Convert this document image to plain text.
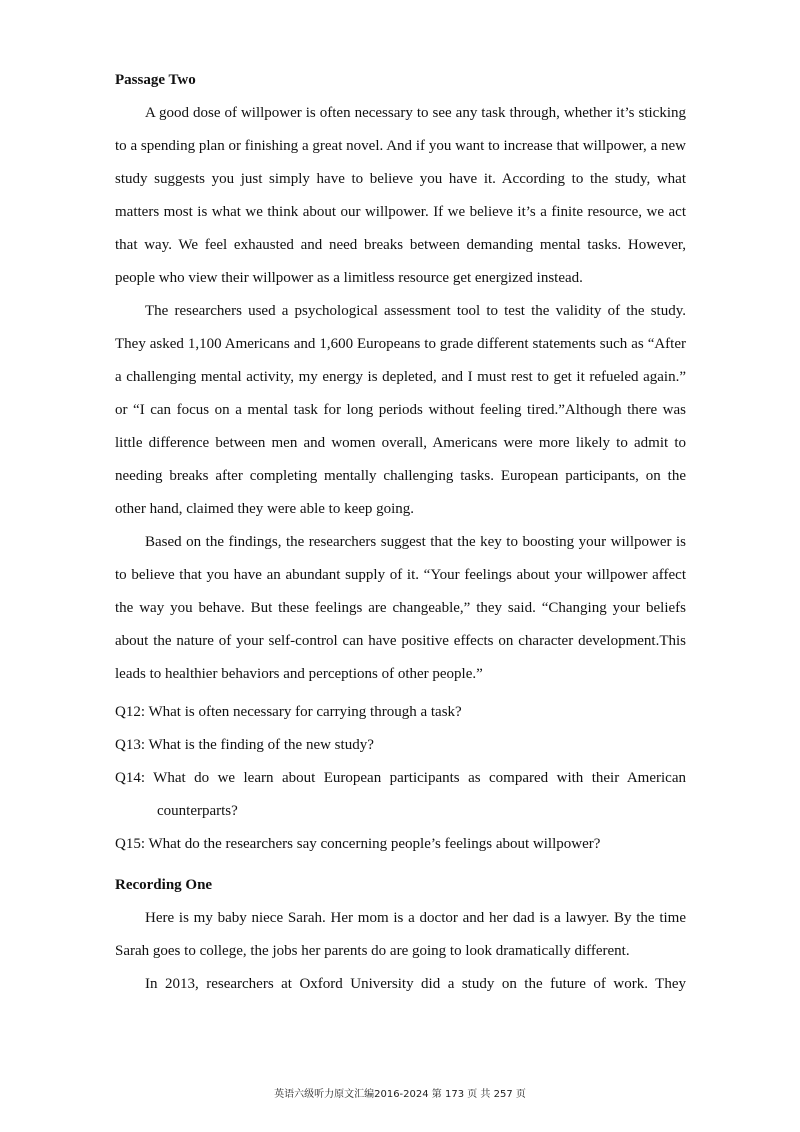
Passage Two

A good dose of willpower is often necessary to see any task through, whether it’s sticking to a spending plan or finishing a great novel. And if you want to increase that willpower, a new study suggests you just simply have to believe you have it. According to the study, what matters most is what we think about our willpower. If we believe it’s a finite resource, we act that way. We feel exhausted and need breaks between demanding mental tasks. However, people who view their willpower as a limitless resource get energized instead.

The researchers used a psychological assessment tool to test the validity of the study. They asked 1,100 Americans and 1,600 Europeans to grade different statements such as “After a challenging mental activity, my energy is depleted, and I must rest to get it refueled again.” or “I can focus on a mental task for long periods without feeling tired.”Although there was little difference between men and women overall, Americans were more likely to admit to needing breaks after completing mentally challenging tasks. European participants, on the other hand, claimed they were able to keep going.

Based on the findings, the researchers suggest that the key to boosting your willpower is to believe that you have an abundant supply of it. “Your feelings about your willpower affect the way you behave. But these feelings are changeable,” they said. “Changing your beliefs about the nature of your self-control can have positive effects on character development.This leads to healthier behaviors and perceptions of other people.”

Q12: What is often necessary for carrying through a task?

Q13: What is the finding of the new study?

Q14: What do we learn about European participants as compared with their American counterparts?

Q15: What do the researchers say concerning people’s feelings about willpower?

Recording One

Here is my baby niece Sarah. Her mom is a doctor and her dad is a lawyer. By the time Sarah goes to college, the jobs her parents do are going to look dramatically different.

In 2013, researchers at Oxford University did a study on the future of work. They

英语六级听力原文汇编2016-2024 第 173 页 共 257 页
